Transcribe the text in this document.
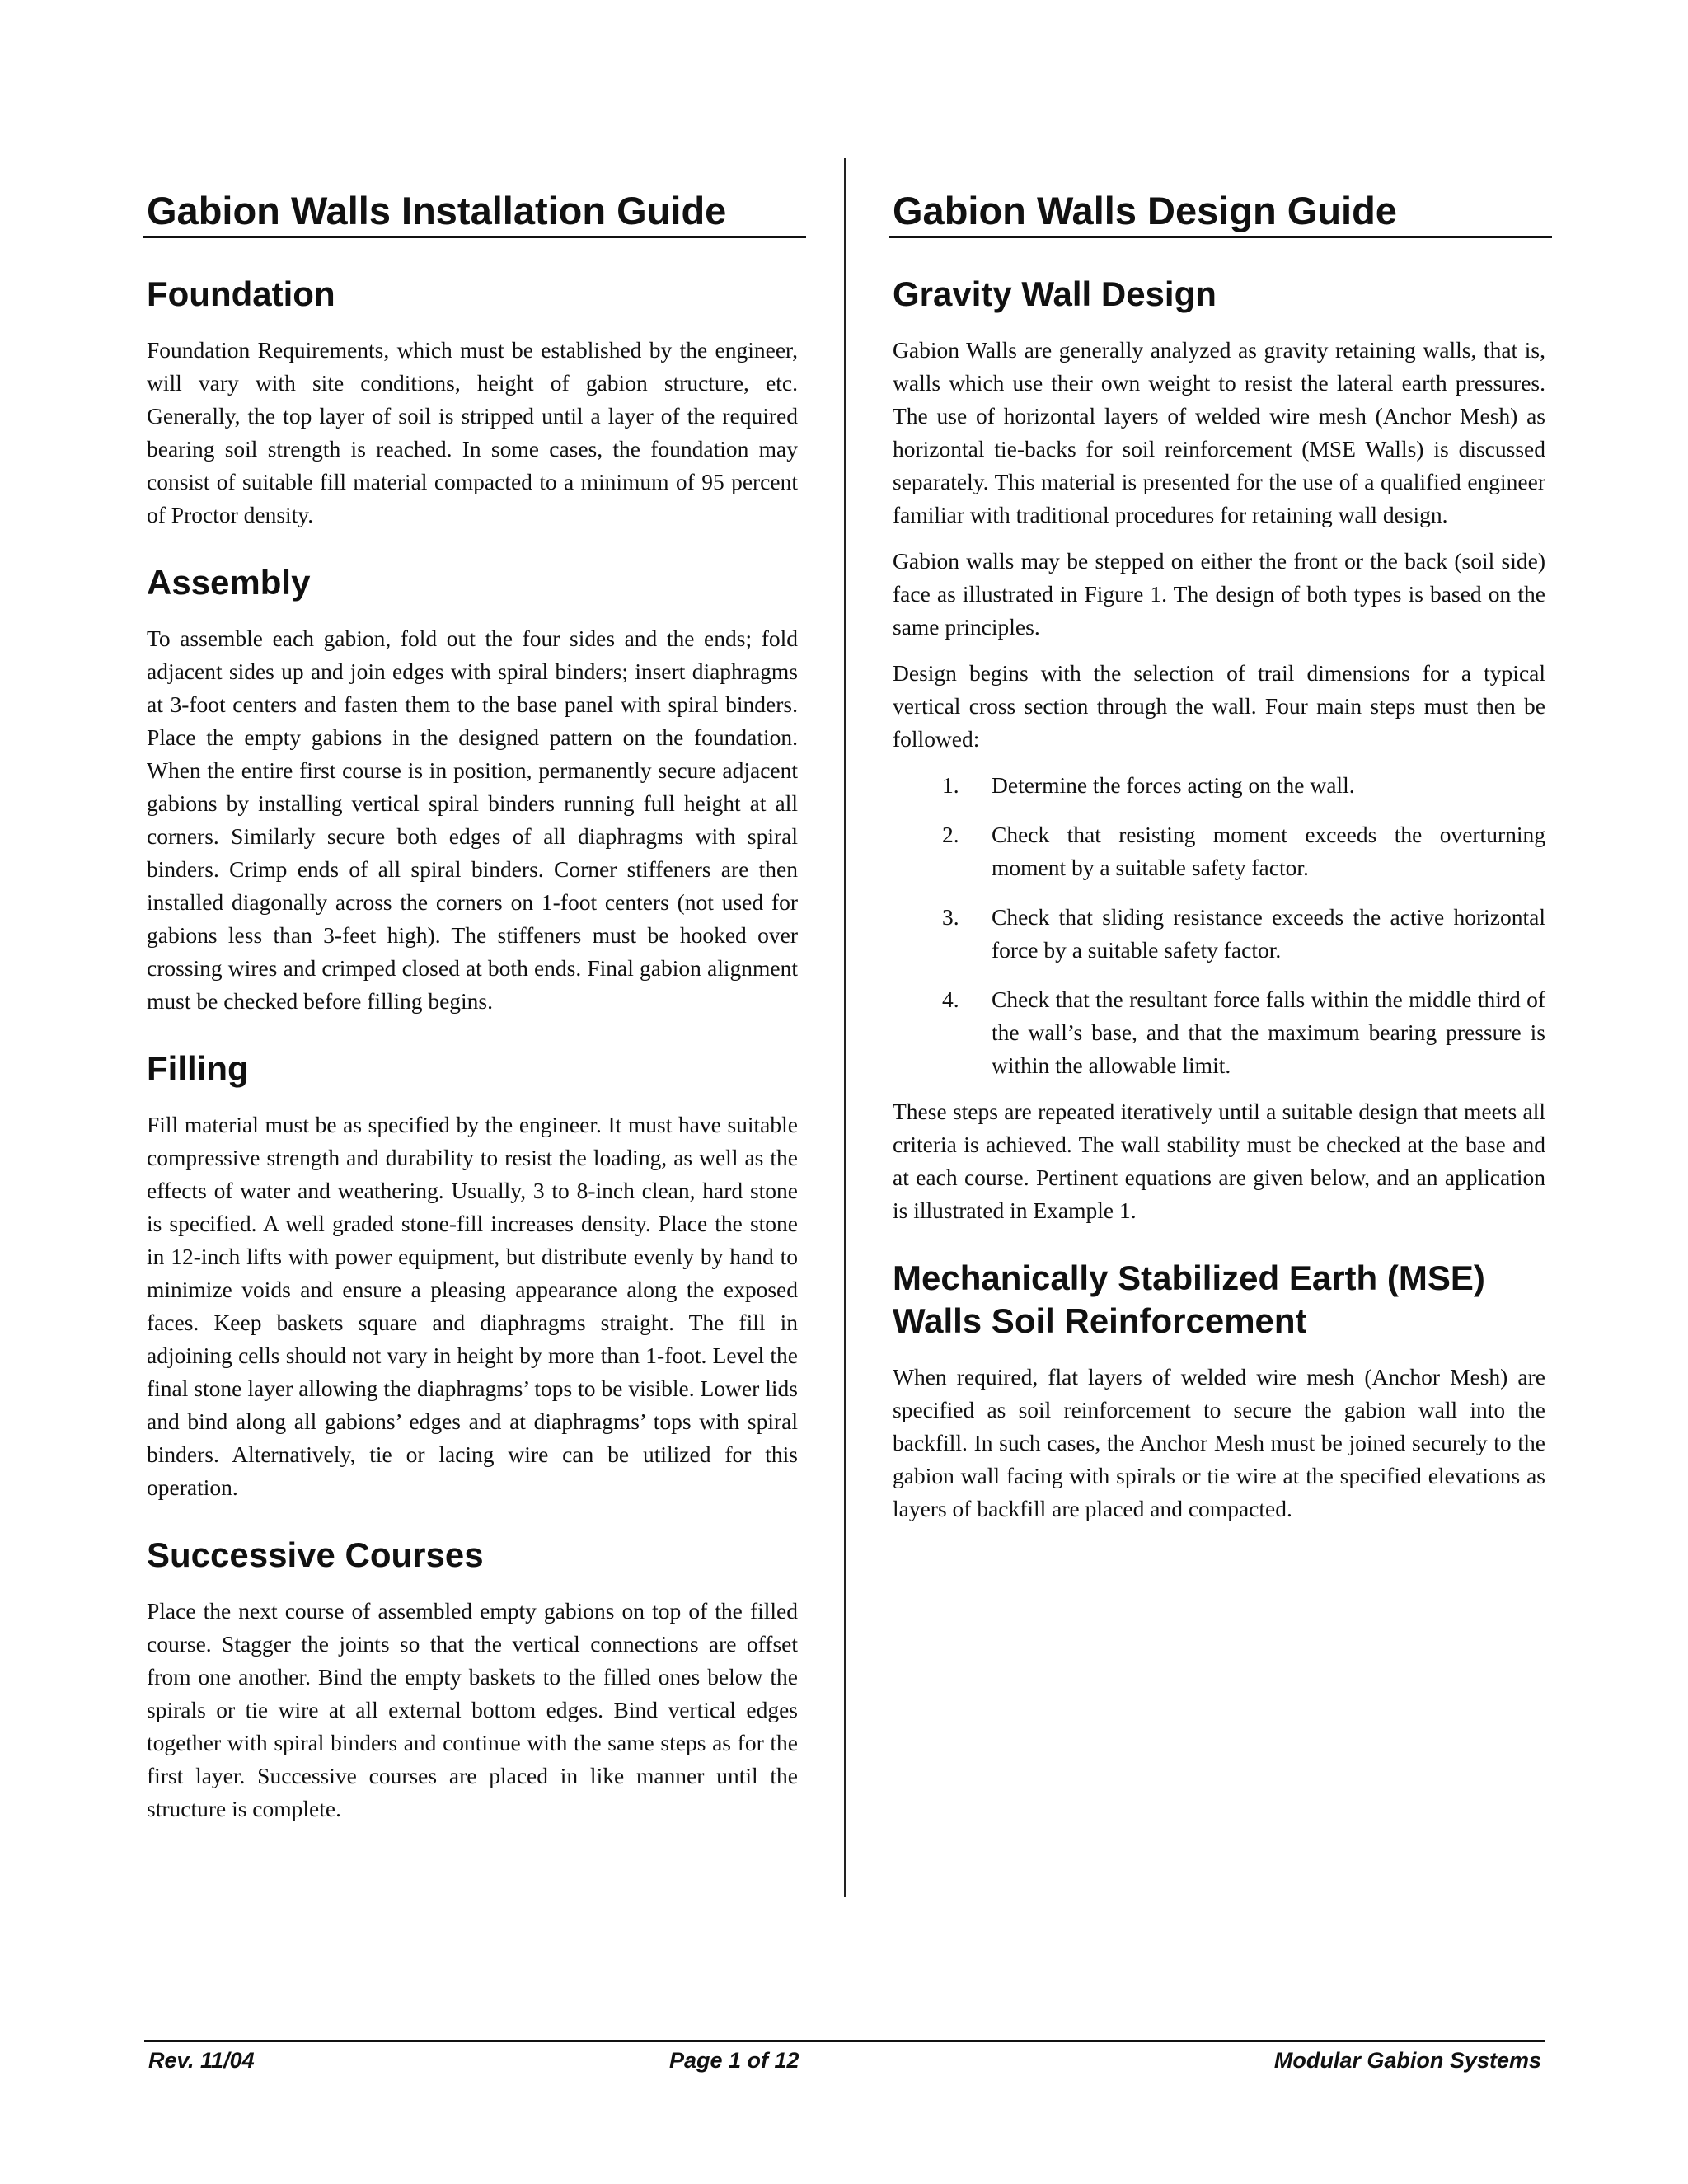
Gabion Walls Installation Guide
Foundation

Foundation Requirements, which must be established by the engineer, will vary with site conditions, height of gabion structure, etc. Generally, the top layer of soil is stripped until a layer of the required bearing soil strength is reached. In some cases, the foundation may consist of suitable fill material compacted to a minimum of 95 percent of Proctor density.

Assembly

To assemble each gabion, fold out the four sides and the ends; fold adjacent sides up and join edges with spiral binders; insert diaphragms at 3-foot centers and fasten them to the base panel with spiral binders. Place the empty gabions in the designed pattern on the foundation. When the entire first course is in position, permanently secure adjacent gabions by installing vertical spiral binders running full height at all corners. Similarly secure both edges of all diaphragms with spiral binders. Crimp ends of all spiral binders. Corner stiffeners are then installed diagonally across the corners on 1-foot centers (not used for gabions less than 3-feet high). The stiffeners must be hooked over crossing wires and crimped closed at both ends. Final gabion alignment must be checked before filling begins.

Filling

Fill material must be as specified by the engineer. It must have suitable compressive strength and durability to resist the loading, as well as the effects of water and weathering. Usually, 3 to 8-inch clean, hard stone is specified. A well graded stone-fill increases density. Place the stone in 12-inch lifts with power equipment, but distribute evenly by hand to minimize voids and ensure a pleasing appearance along the exposed faces. Keep baskets square and diaphragms straight. The fill in adjoining cells should not vary in height by more than 1-foot. Level the final stone layer allowing the diaphragms’ tops to be visible. Lower lids and bind along all gabions’ edges and at diaphragms’ tops with spiral binders. Alternatively, tie or lacing wire can be utilized for this operation.

Successive Courses

Place the next course of assembled empty gabions on top of the filled course. Stagger the joints so that the vertical connections are offset from one another. Bind the empty baskets to the filled ones below the spirals or tie wire at all external bottom edges. Bind vertical edges together with spiral binders and continue with the same steps as for the first layer. Successive courses are placed in like manner until the structure is complete.

Gabion Walls Design Guide
Gravity Wall Design

Gabion Walls are generally analyzed as gravity retaining walls, that is, walls which use their own weight to resist the lateral earth pressures. The use of horizontal layers of welded wire mesh (Anchor Mesh) as horizontal tie-backs for soil reinforcement (MSE Walls) is discussed separately. This material is presented for the use of a qualified engineer familiar with traditional procedures for retaining wall design.

Gabion walls may be stepped on either the front or the back (soil side) face as illustrated in Figure 1. The design of both types is based on the same principles.

Design begins with the selection of trail dimensions for a typical vertical cross section through the wall. Four main steps must then be followed:

1.	Determine the forces acting on the wall.
2.	Check that resisting moment exceeds the overturning moment by a suitable safety factor.
3.	Check that sliding resistance exceeds the active horizontal force by a suitable safety factor.
4.	Check that the resultant force falls within the middle third of the wall’s base, and that the maximum bearing pressure is within the allowable limit.

These steps are repeated iteratively until a suitable design that meets all criteria is achieved. The wall stability must be checked at the base and at each course. Pertinent equations are given below, and an application is illustrated in Example 1.

Mechanically Stabilized Earth (MSE) Walls Soil Reinforcement

When required, flat layers of welded wire mesh (Anchor Mesh) are specified as soil reinforcement to secure the gabion wall into the backfill. In such cases, the Anchor Mesh must be joined securely to the gabion wall facing with spirals or tie wire at the specified elevations as layers of backfill are placed and compacted.

Rev. 11/04	Page 1 of 12	Modular Gabion Systems
